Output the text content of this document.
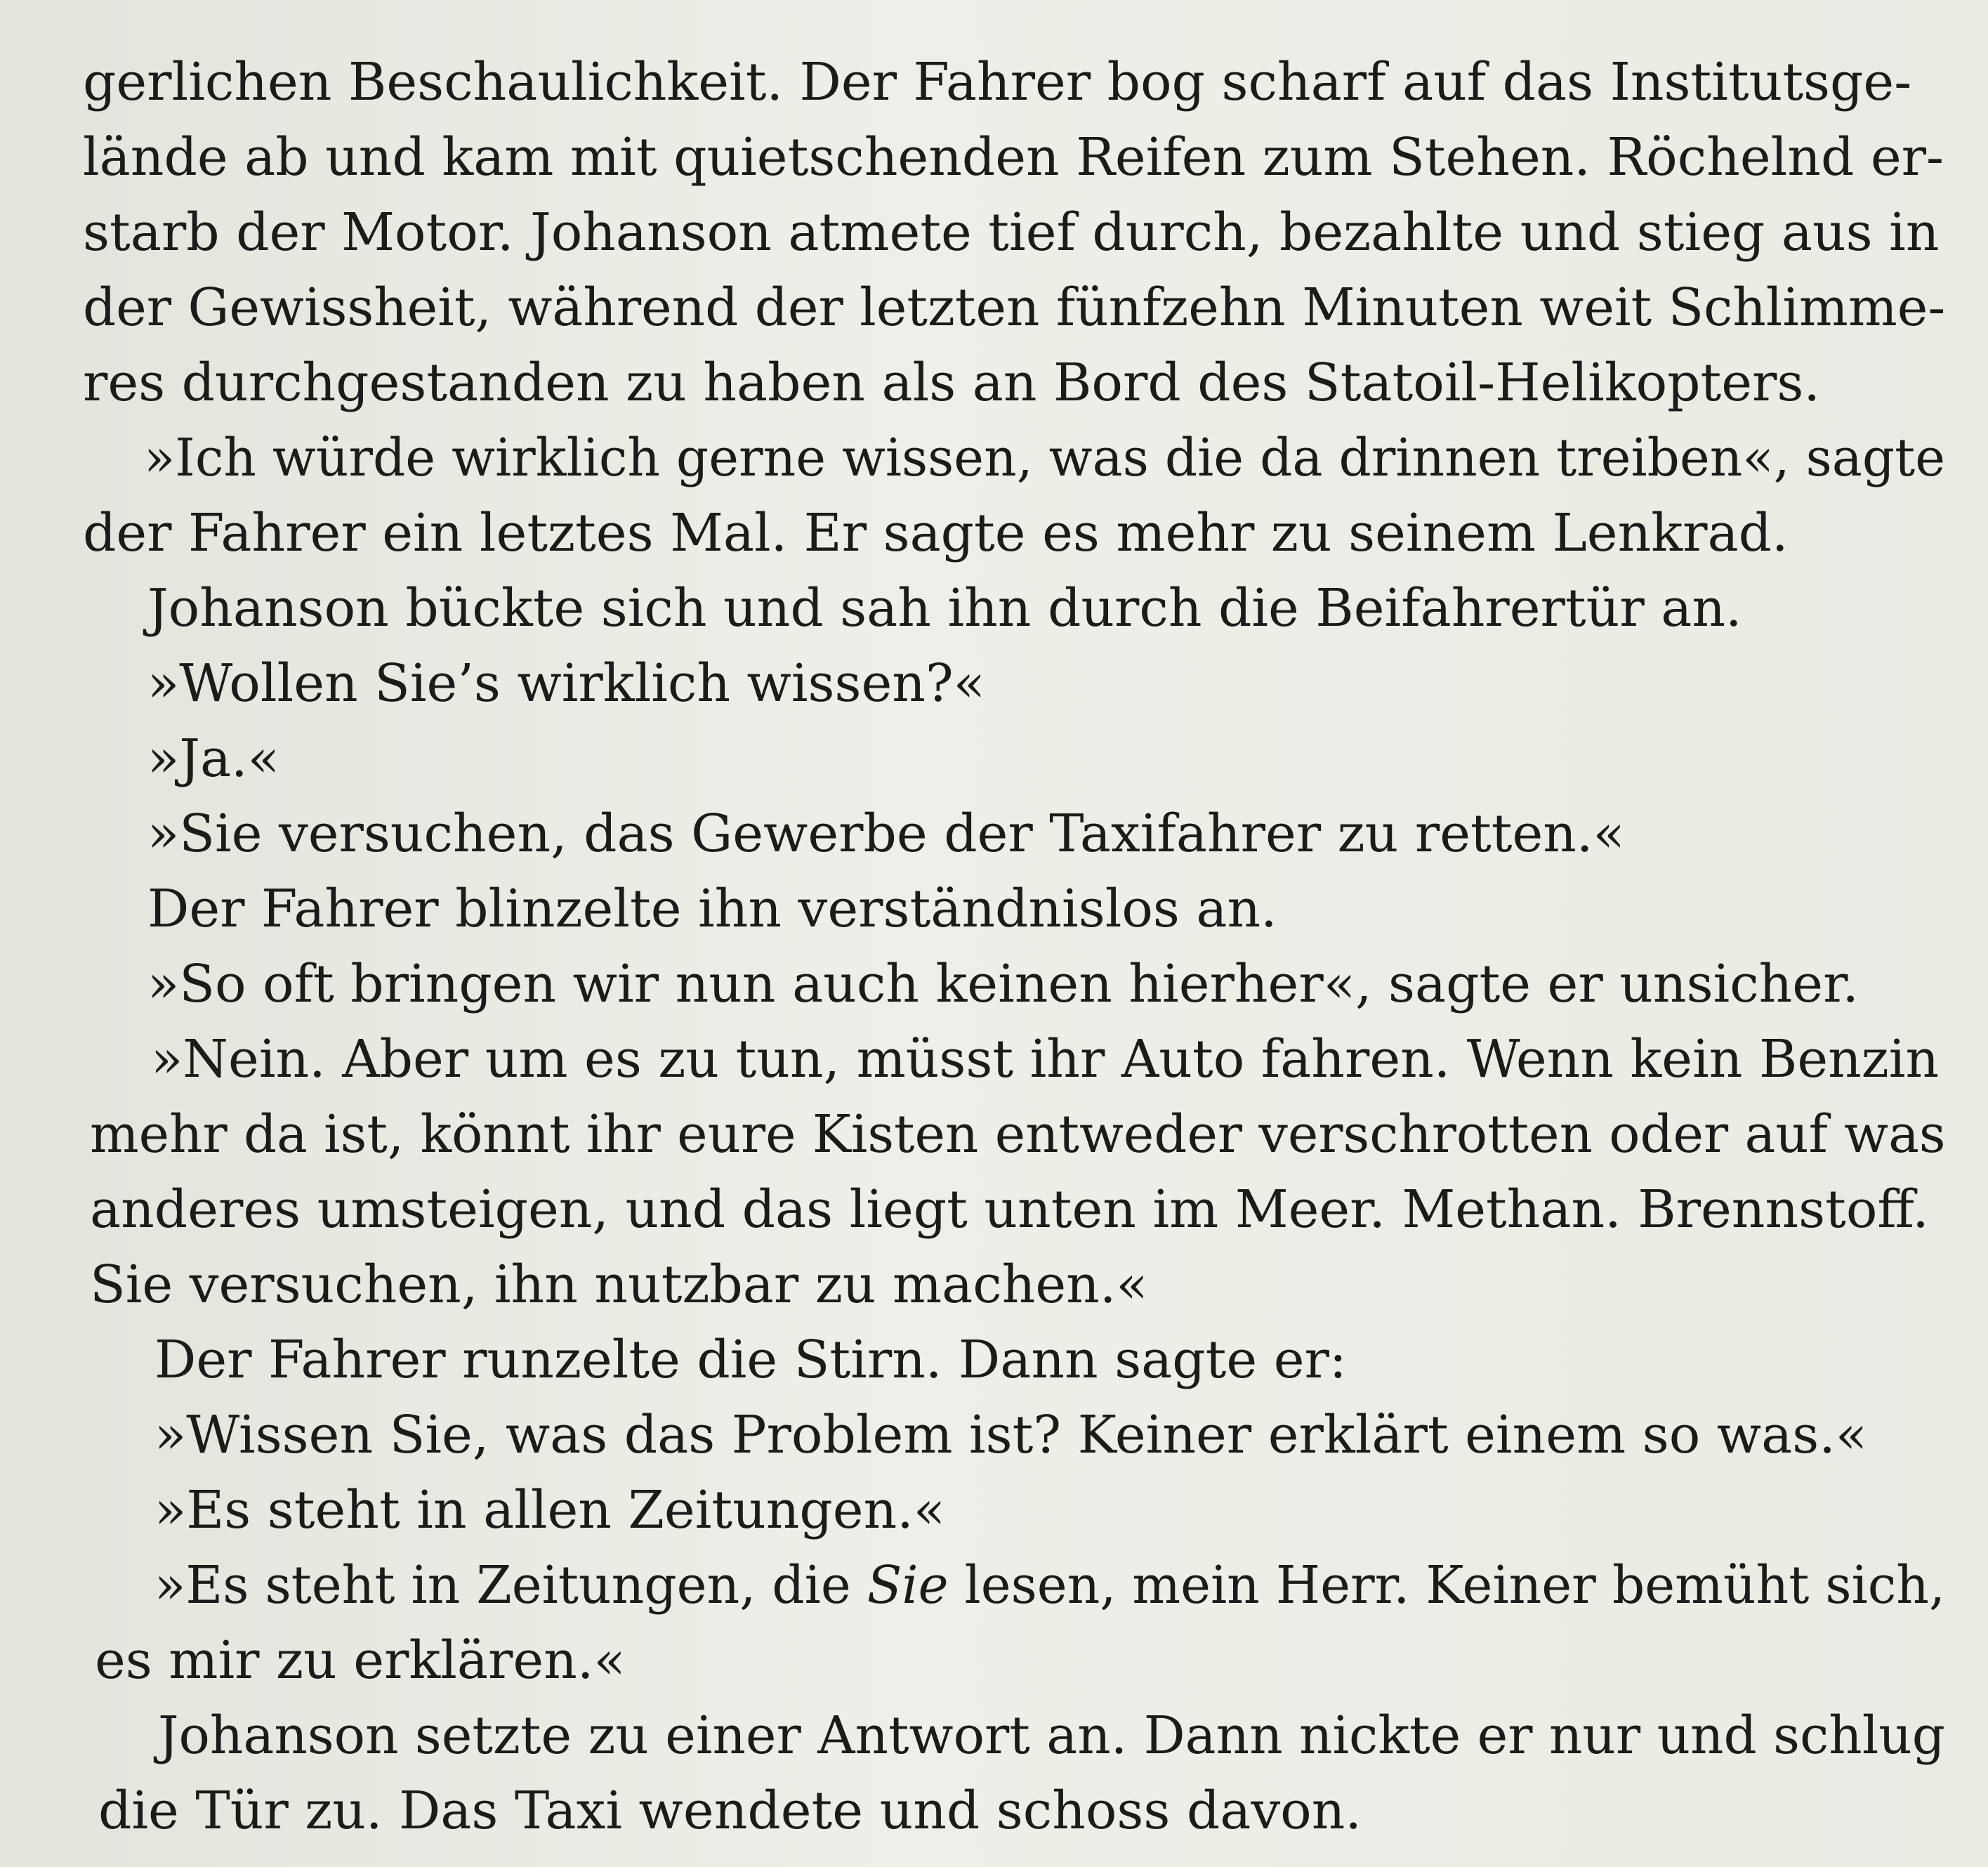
gerlichen Beschaulichkeit. Der Fahrer bog scharf auf das Institutsge-
lände ab und kam mit quietschenden Reifen zum Stehen. Röchelnd er-
starb der Motor. Johanson atmete tief durch, bezahlte und stieg aus in
der Gewissheit, während der letzten fünfzehn Minuten weit Schlimme-
res durchgestanden zu haben als an Bord des Statoil-Helikopters.
»Ich würde wirklich gerne wissen, was die da drinnen treiben«, sagte
der Fahrer ein letztes Mal. Er sagte es mehr zu seinem Lenkrad.
Johanson bückte sich und sah ihn durch die Beifahrertür an.
»Wollen Sie’s wirklich wissen?«
»Ja.«
»Sie versuchen, das Gewerbe der Taxifahrer zu retten.«
Der Fahrer blinzelte ihn verständnislos an.
»So oft bringen wir nun auch keinen hierher«, sagte er unsicher.
»Nein. Aber um es zu tun, müsst ihr Auto fahren. Wenn kein Benzin
mehr da ist, könnt ihr eure Kisten entweder verschrotten oder auf was
anderes umsteigen, und das liegt unten im Meer. Methan. Brennstoff.
Sie versuchen, ihn nutzbar zu machen.«
Der Fahrer runzelte die Stirn. Dann sagte er:
»Wissen Sie, was das Problem ist? Keiner erklärt einem so was.«
»Es steht in allen Zeitungen.«
»Es steht in Zeitungen, die Sie lesen, mein Herr. Keiner bemüht sich,
es mir zu erklären.«
Johanson setzte zu einer Antwort an. Dann nickte er nur und schlug
die Tür zu. Das Taxi wendete und schoss davon.
